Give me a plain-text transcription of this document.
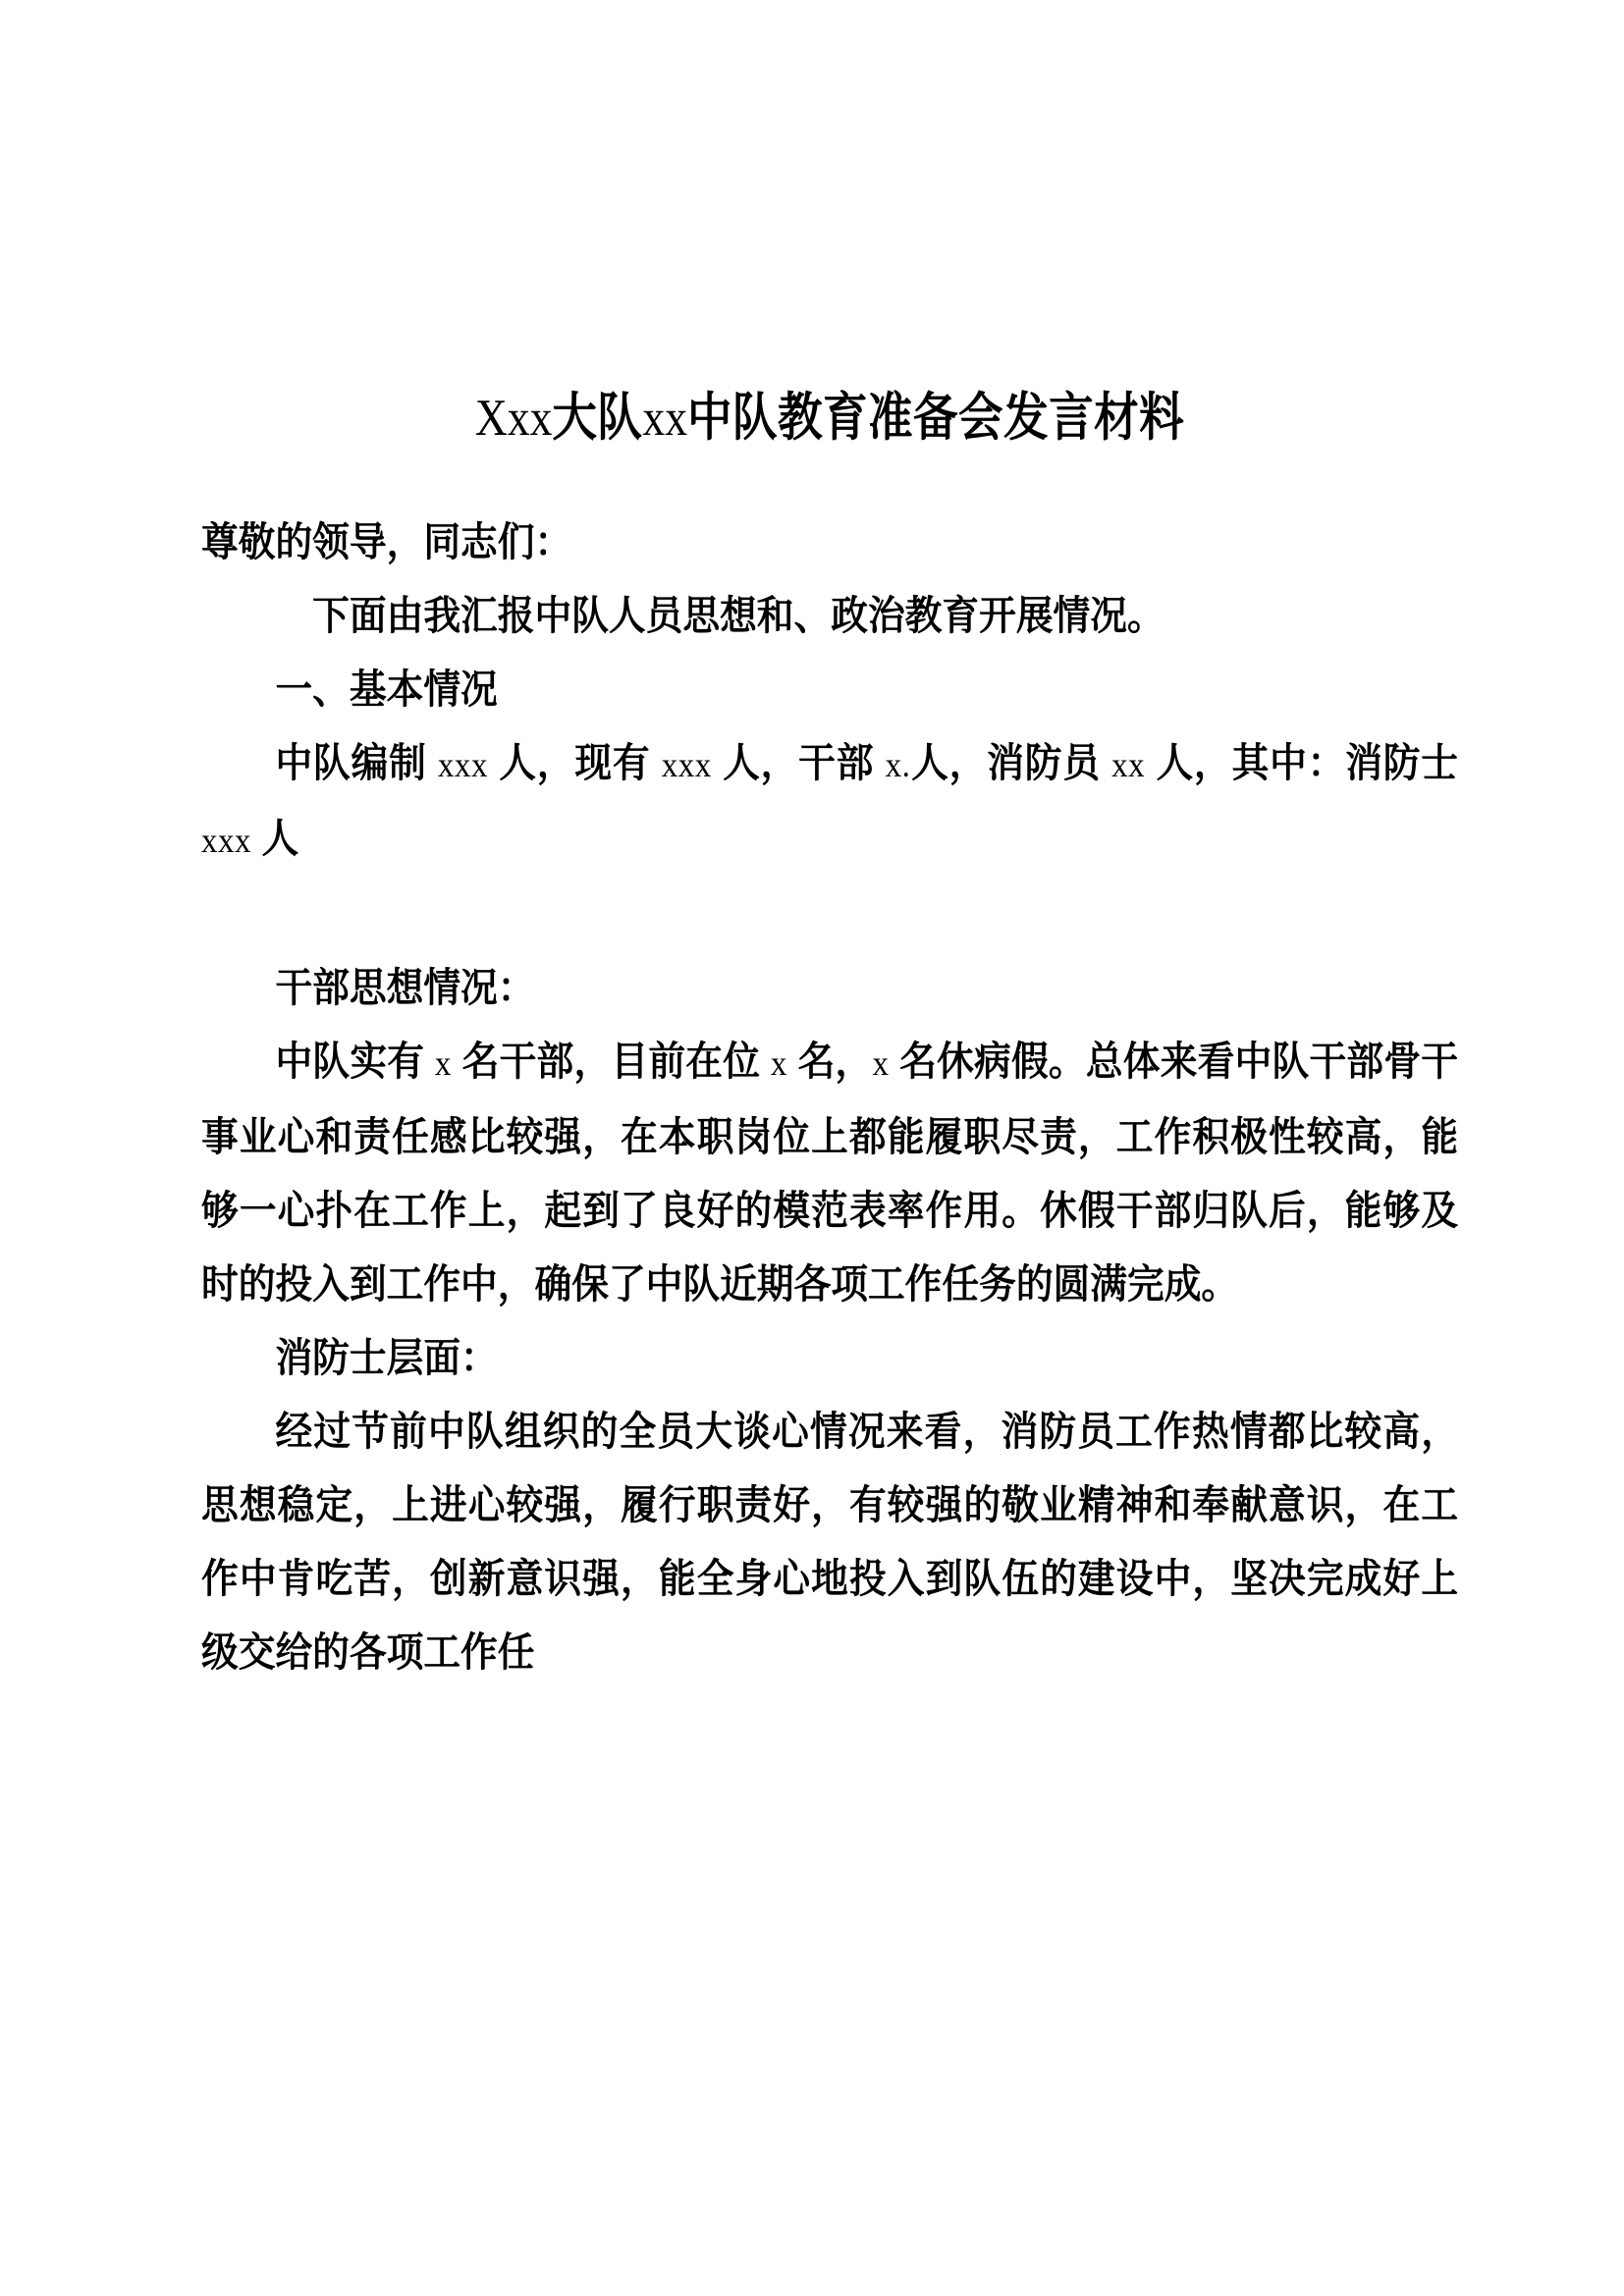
Xxx大队xx中队教育准备会发言材料

尊敬的领导，同志们：

　下面由我汇报中队人员思想和、政治教育开展情况。

一、基本情况

中队编制 xxx 人，现有 xxx 人，干部 x.人，消防员 xx 人，其中：消防士 xxx 人

干部思想情况：

中队实有 x 名干部，目前在位 x 名，x 名休病假。总体来看中队干部骨干事业心和责任感比较强，在本职岗位上都能履职尽责，工作积极性较高，能够一心扑在工作上，起到了良好的模范表率作用。休假干部归队后，能够及时的投入到工作中，确保了中队近期各项工作任务的圆满完成。

消防士层面：

经过节前中队组织的全员大谈心情况来看，消防员工作热情都比较高，思想稳定，上进心较强，履行职责好，有较强的敬业精神和奉献意识，在工作中肯吃苦，创新意识强，能全身心地投入到队伍的建设中，坚决完成好上级交给的各项工作任
